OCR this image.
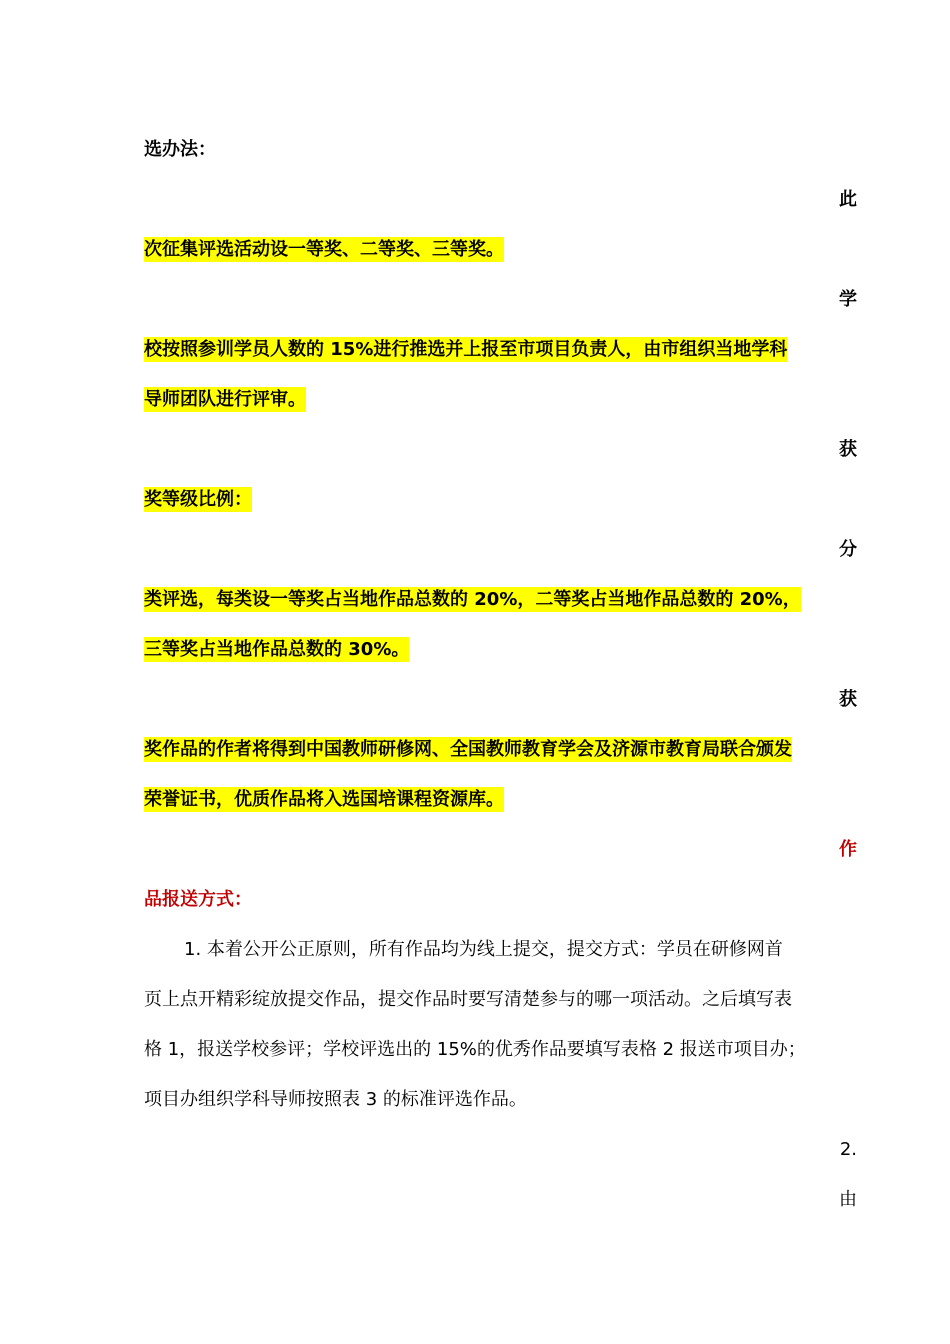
选办法：
此
次征集评选活动设一等奖、二等奖、三等奖。
学
校按照参训学员人数的 15%进行推选并上报至市项目负责人，由市组织当地学科
导师团队进行评审。
获
奖等级比例：
分
类评选，每类设一等奖占当地作品总数的 20%，二等奖占当地作品总数的 20%，
三等奖占当地作品总数的 30%。
获
奖作品的作者将得到中国教师研修网、全国教师教育学会及济源市教育局联合颁发
荣誉证书，优质作品将入选国培课程资源库。
作
品报送方式：
1. 本着公开公正原则，所有作品均为线上提交，提交方式：学员在研修网首
页上点开精彩绽放提交作品，提交作品时要写清楚参与的哪一项活动。之后填写表
格 1，报送学校参评；学校评选出的 15%的优秀作品要填写表格 2 报送市项目办；
项目办组织学科导师按照表 3 的标准评选作品。
2.
由
